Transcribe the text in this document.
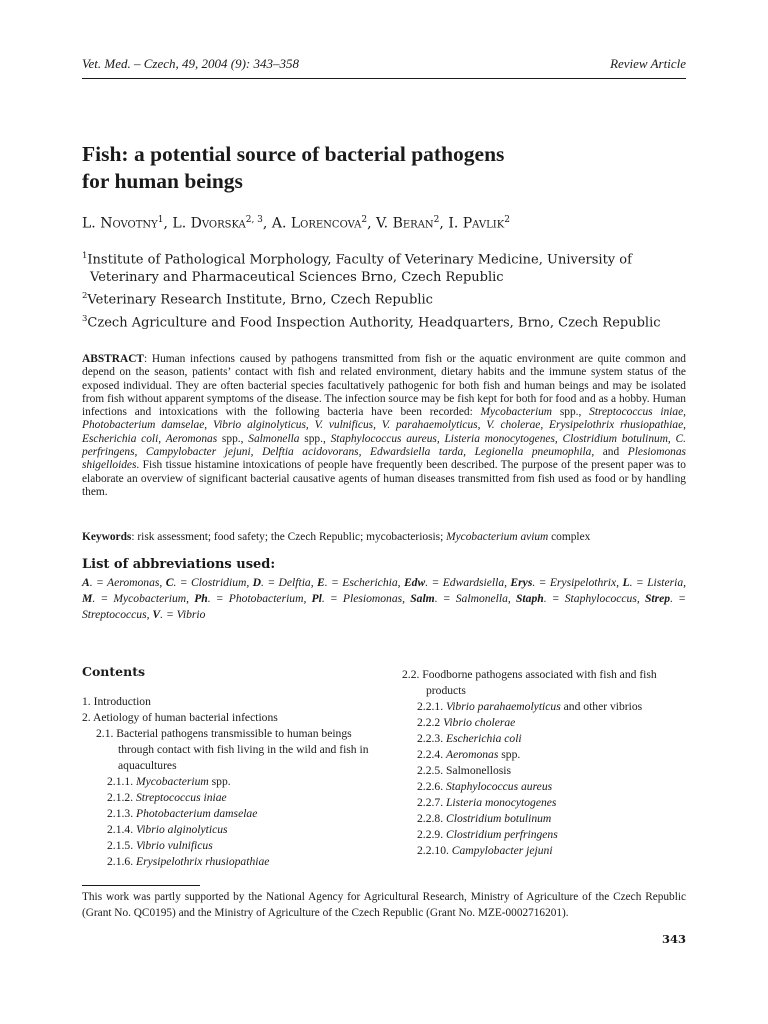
Vet. Med. – Czech, 49, 2004 (9): 343–358	Review Article
Fish: a potential source of bacterial pathogens
for human beings
L. Novotny$^1$, L. Dvorska$^{2, 3}$, A. Lorencova$^2$, V. Beran$^2$, I. Pavlik$^2$
$^1$Institute of Pathological Morphology, Faculty of Veterinary Medicine, University of Veterinary and Pharmaceutical Sciences Brno, Czech Republic
$^2$Veterinary Research Institute, Brno, Czech Republic
$^3$Czech Agriculture and Food Inspection Authority, Headquarters, Brno, Czech Republic
ABSTRACT: Human infections caused by pathogens transmitted from fish or the aquatic environment are quite common and depend on the season, patients’ contact with fish and related environment, dietary habits and the immune system status of the exposed individual. They are often bacterial species facultatively pathogenic for both fish and human beings and may be isolated from fish without apparent symptoms of the disease. The infection source may be fish kept for both for food and as a hobby. Human infections and intoxications with the following bacteria have been recorded: Mycobacterium spp., Streptococcus iniae, Photobacterium damselae, Vibrio alginolyticus, V. vulnificus, V. parahaemolyticus, V. cholerae, Erysipelothrix rhusiopathiae, Escherichia coli, Aeromonas spp., Salmonella spp., Staphylococcus aureus, Listeria monocytogenes, Clostridium botulinum, C. perfringens, Campylobacter jejuni, Delftia acidovorans, Edwardsiella tarda, Legionella pneumophila, and Plesiomonas shigelloides. Fish tissue histamine intoxications of people have frequently been described. The purpose of the present paper was to elaborate an overview of significant bacterial causative agents of human diseases transmitted from fish used as food or by handling them.
Keywords: risk assessment; food safety; the Czech Republic; mycobacteriosis; Mycobacterium avium complex
List of abbreviations used:
A. = Aeromonas, C. = Clostridium, D. = Delftia, E. = Escherichia, Edw. = Edwardsiella, Erys. = Erysipelothrix, L. = Listeria, M. = Mycobacterium, Ph. = Photobacterium, Pl. = Plesiomonas, Salm. = Salmonella, Staph. = Staphylococcus, Strep. = Streptococcus, V. = Vibrio
Contents
1. Introduction
2. Aetiology of human bacterial infections
2.1. Bacterial pathogens transmissible to human beings through contact with fish living in the wild and fish in aquacultures
2.1.1. Mycobacterium spp.
2.1.2. Streptococcus iniae
2.1.3. Photobacterium damselae
2.1.4. Vibrio alginolyticus
2.1.5. Vibrio vulnificus
2.1.6. Erysipelothrix rhusiopathiae
2.2. Foodborne pathogens associated with fish and fish products
2.2.1. Vibrio parahaemolyticus and other vibrios
2.2.2 Vibrio cholerae
2.2.3. Escherichia coli
2.2.4. Aeromonas spp.
2.2.5. Salmonellosis
2.2.6. Staphylococcus aureus
2.2.7. Listeria monocytogenes
2.2.8. Clostridium botulinum
2.2.9. Clostridium perfringens
2.2.10. Campylobacter jejuni
This work was partly supported by the National Agency for Agricultural Research, Ministry of Agriculture of the Czech Republic (Grant No. QC0195) and the Ministry of Agriculture of the Czech Republic (Grant No. MZE-0002716201).
343
